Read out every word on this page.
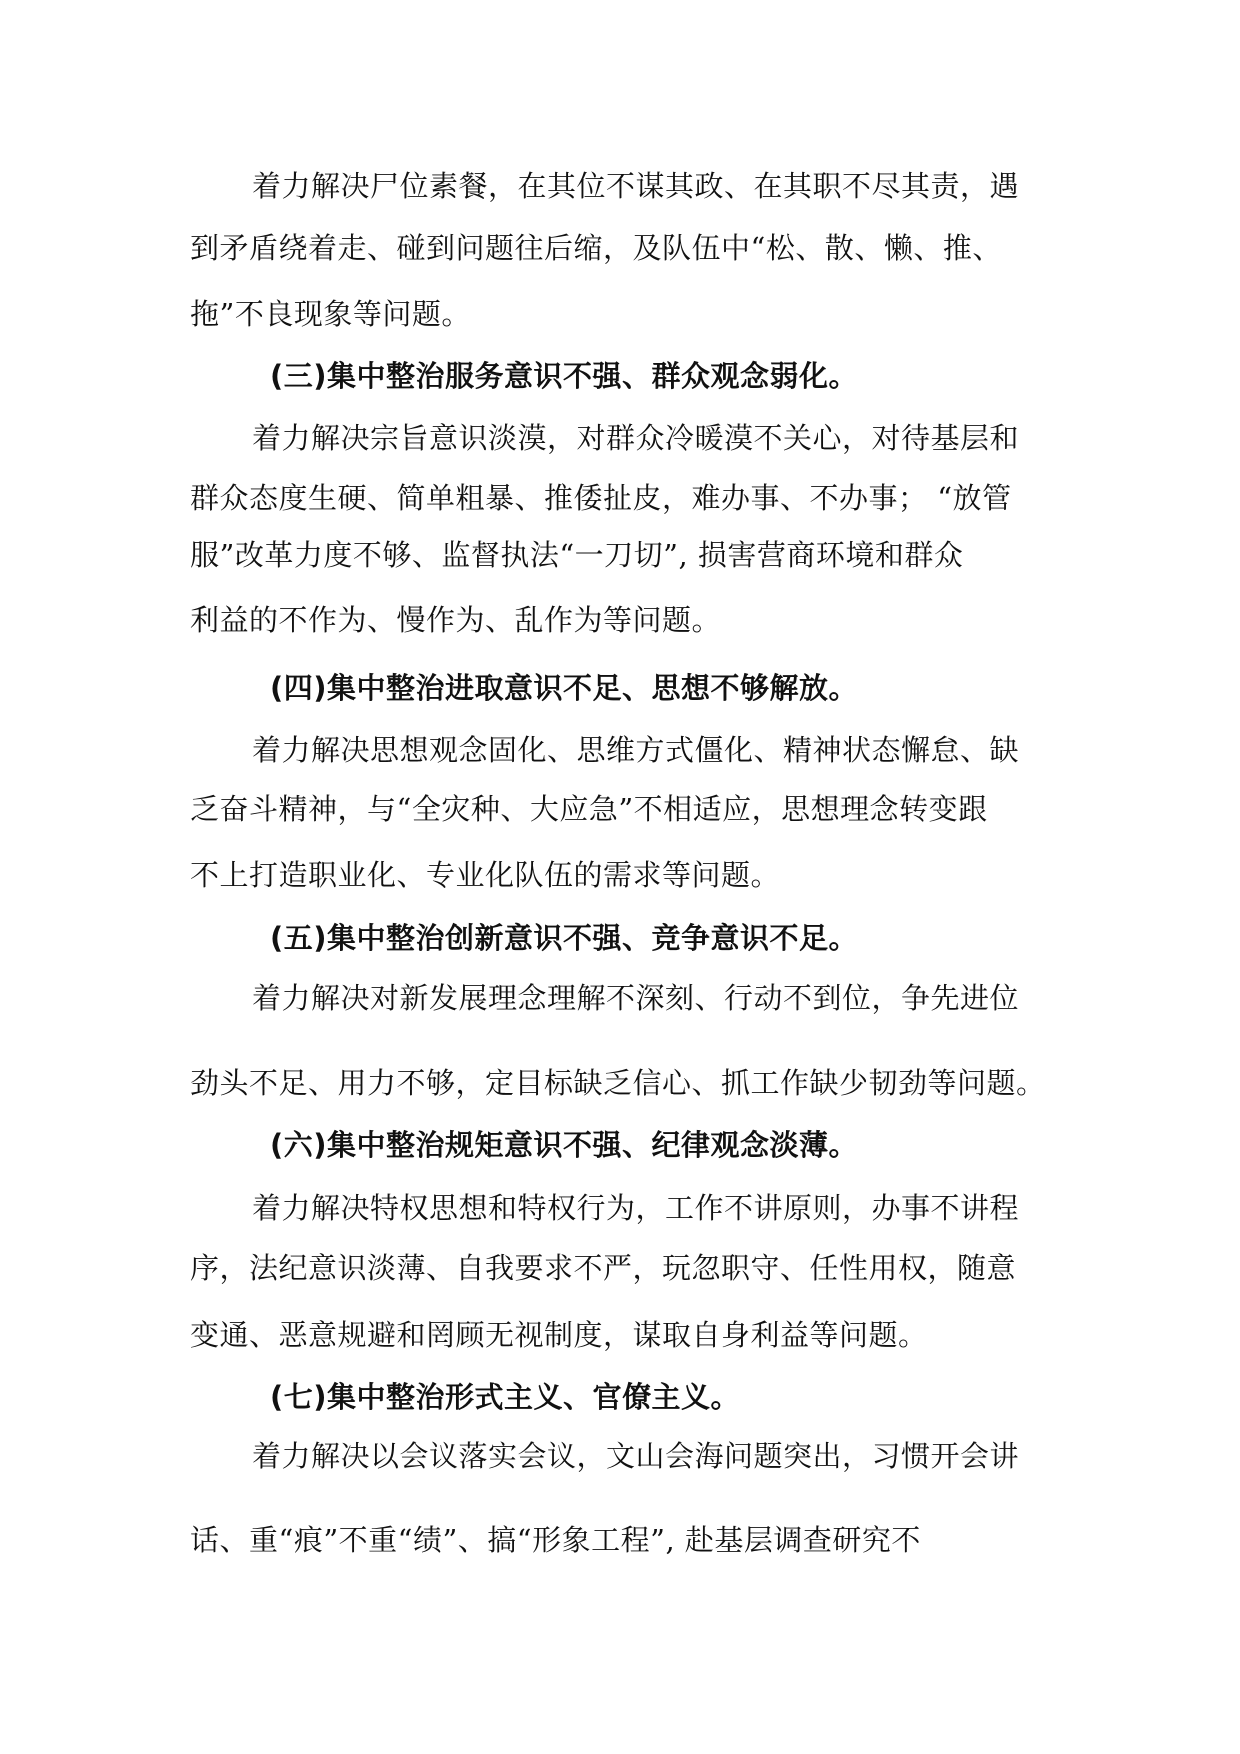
着力解决尸位素餐，在其位不谋其政、在其职不尽其责，遇
到矛盾绕着走、碰到问题往后缩，及队伍中“松、散、懒、推、
拖”不良现象等问题。
(三)集中整治服务意识不强、群众观念弱化。
着力解决宗旨意识淡漠，对群众冷暖漠不关心，对待基层和
群众态度生硬、简单粗暴、推倭扯皮，难办事、不办事； “放管
服”改革力度不够、监督执法“一刀切”, 损害营商环境和群众
利益的不作为、慢作为、乱作为等问题。
(四)集中整治进取意识不足、思想不够解放。
着力解决思想观念固化、思维方式僵化、精神状态懈怠、缺
乏奋斗精神，与“全灾种、大应急”不相适应，思想理念转变跟
不上打造职业化、专业化队伍的需求等问题。
(五)集中整治创新意识不强、竞争意识不足。
着力解决对新发展理念理解不深刻、行动不到位，争先进位
劲头不足、用力不够，定目标缺乏信心、抓工作缺少韧劲等问题。
(六)集中整治规矩意识不强、纪律观念淡薄。
着力解决特权思想和特权行为，工作不讲原则，办事不讲程
序，法纪意识淡薄、自我要求不严，玩忽职守、任性用权，随意
变通、恶意规避和罔顾无视制度，谋取自身利益等问题。
(七)集中整治形式主义、官僚主义。
着力解决以会议落实会议，文山会海问题突出，习惯开会讲
话、重“痕”不重“绩”、搞“形象工程”, 赴基层调查研究不
